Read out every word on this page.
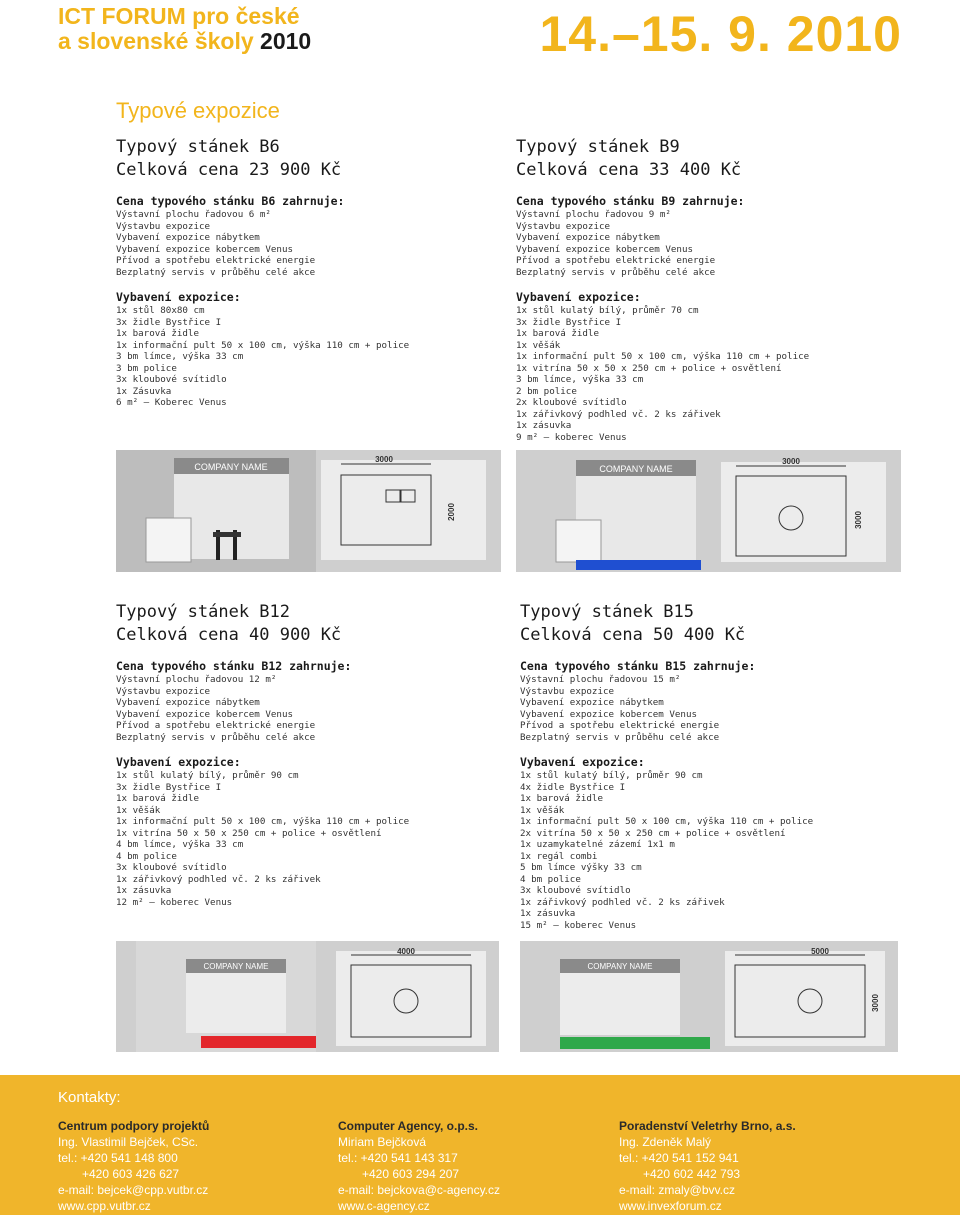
ICT FORUM pro české
a slovenské školy 2010	14.–15. 9. 2010
Typové expozice
Typový stánek B6
Celková cena 23 900 Kč
Cena typového stánku B6 zahrnuje:
Výstavní plochu řadovou 6 m²
Výstavbu expozice
Vybavení expozice nábytkem
Vybavení expozice kobercem Venus
Přívod a spotřebu elektrické energie
Bezplatný servis v průběhu celé akce
Vybavení expozice:
1x stůl 80x80 cm
3x židle Bystřice I
1x barová židle
1x informační pult 50 x 100 cm, výška 110 cm + police
3 bm límce, výška 33 cm
3 bm police
3x kloubové svítidlo
1x Zásuvka
6 m² – Koberec Venus
Typový stánek B9
Celková cena 33 400 Kč
Cena typového stánku B9 zahrnuje:
Výstavní plochu řadovou 9 m²
Výstavbu expozice
Vybavení expozice nábytkem
Vybavení expozice kobercem Venus
Přívod a spotřebu elektrické energie
Bezplatný servis v průběhu celé akce
Vybavení expozice:
1x stůl kulatý bílý, průměr 70 cm
3x židle Bystřice I
1x barová židle
1x věšák
1x informační pult 50 x 100 cm, výška 110 cm + police
1x vitrína 50 x 50 x 250 cm + police + osvětlení
3 bm límce, výška 33 cm
2 bm police
2x kloubové svítidlo
1x zářivkový podhled vč. 2 ks zářivek
1x zásuvka
9 m² – koberec Venus
Typový stánek B12
Celková cena 40 900 Kč
Cena typového stánku B12 zahrnuje:
Výstavní plochu řadovou 12 m²
Výstavbu expozice
Vybavení expozice nábytkem
Vybavení expozice kobercem Venus
Přívod a spotřebu elektrické energie
Bezplatný servis v průběhu celé akce
Vybavení expozice:
1x stůl kulatý bílý, průměr 90 cm
3x židle Bystřice I
1x barová židle
1x věšák
1x informační pult 50 x 100 cm, výška 110 cm + police
1x vitrína 50 x 50 x 250 cm + police + osvětlení
4 bm límce, výška 33 cm
4 bm police
3x kloubové svítidlo
1x zářivkový podhled vč. 2 ks zářivek
1x zásuvka
12 m² – koberec Venus
Typový stánek B15
Celková cena 50 400 Kč
Cena typového stánku B15 zahrnuje:
Výstavní plochu řadovou 15 m²
Výstavbu expozice
Vybavení expozice nábytkem
Vybavení expozice kobercem Venus
Přívod a spotřebu elektrické energie
Bezplatný servis v průběhu celé akce
Vybavení expozice:
1x stůl kulatý bílý, průměr 90 cm
4x židle Bystřice I
1x barová židle
1x věšák
1x informační pult 50 x 100 cm, výška 110 cm + police
2x vitrína 50 x 50 x 250 cm + police + osvětlení
1x uzamykatelné zázemí 1x1 m
1x regál combi
5 bm límce výšky 33 cm
4 bm police
3x kloubové svítidlo
1x zářivkový podhled vč. 2 ks zářivek
1x zásuvka
15 m² – koberec Venus
COMPANY NAME
3000
2000
COMPANY NAME
3000
3000
COMPANY NAME
4000
COMPANY NAME
5000
3000
Kontakty:
Centrum podpory projektů
Ing. Vlastimil Bejček, CSc.
tel.: +420 541 148 800
+420 603 426 627
e-mail: bejcek@cpp.vutbr.cz
www.cpp.vutbr.cz
Computer Agency, o.p.s.
Miriam Bejčková
tel.: +420 541 143 317
+420 603 294 207
e-mail: bejckova@c-agency.cz
www.c-agency.cz
Poradenství Veletrhy Brno, a.s.
Ing. Zdeněk Malý
tel.: +420 541 152 941
+420 602 442 793
e-mail: zmaly@bvv.cz
www.invexforum.cz
